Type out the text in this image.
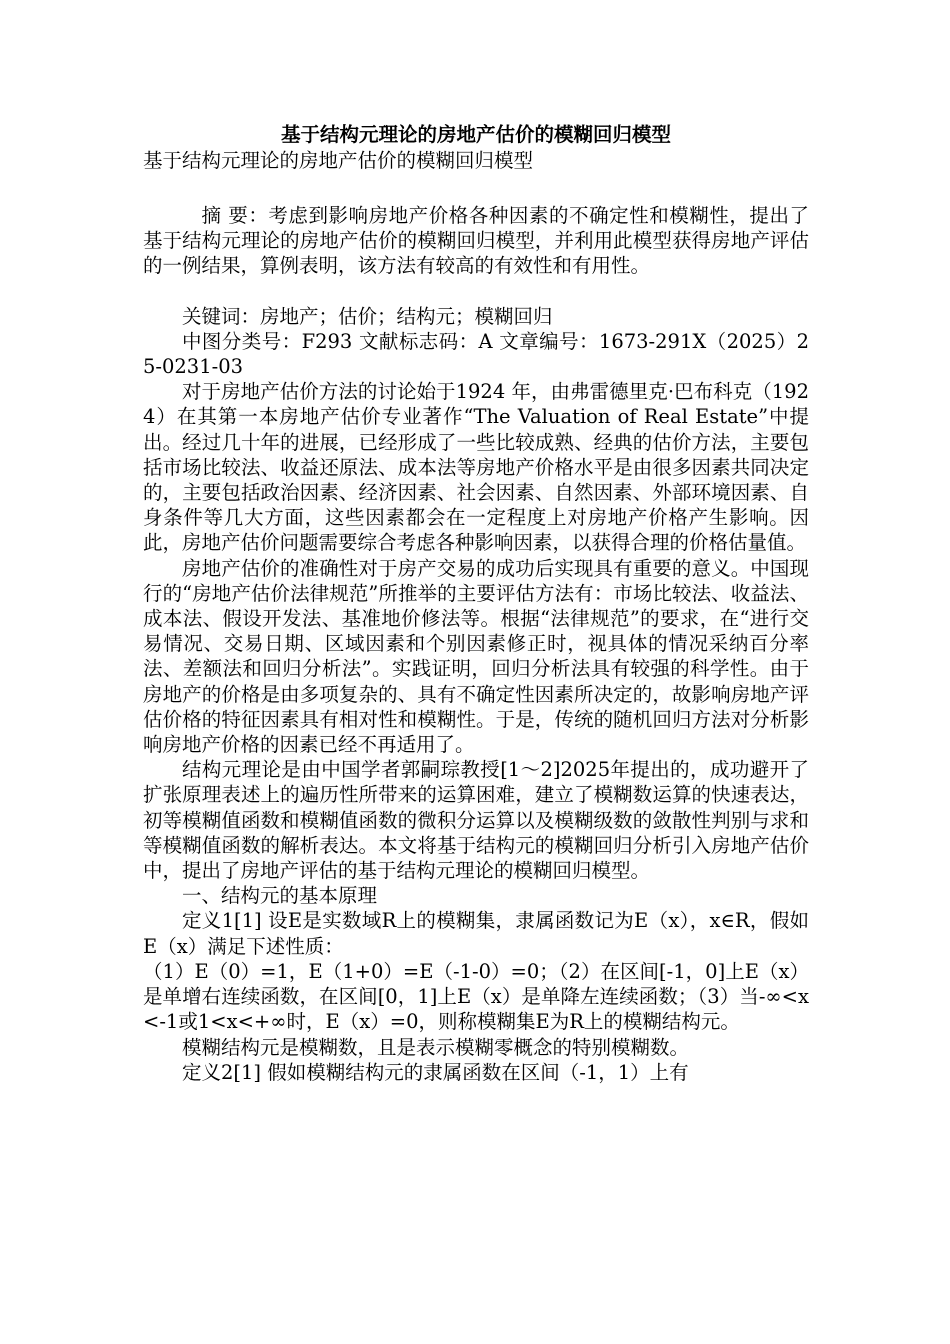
基于结构元理论的房地产估价的模糊回归模型

基于结构元理论的房地产估价的模糊回归模型

摘 要：考虑到影响房地产价格各种因素的不确定性和模糊性，提出了基于结构元理论的房地产估价的模糊回归模型，并利用此模型获得房地产评估的一例结果，算例表明，该方法有较高的有效性和有用性。

关键词：房地产；估价；结构元；模糊回归

中图分类号：F293 文献标志码：A 文章编号：1673-291X（2025）25-0231-03

对于房地产估价方法的讨论始于1924 年，由弗雷德里克·巴布科克（1924）在其第一本房地产估价专业著作“The Valuation of Real Estate”中提出。经过几十年的进展，已经形成了一些比较成熟、经典的估价方法，主要包括市场比较法、收益还原法、成本法等房地产价格水平是由很多因素共同决定的，主要包括政治因素、经济因素、社会因素、自然因素、外部环境因素、自身条件等几大方面，这些因素都会在一定程度上对房地产价格产生影响。因此，房地产估价问题需要综合考虑各种影响因素，以获得合理的价格估量值。

房地产估价的准确性对于房产交易的成功后实现具有重要的意义。中国现行的“房地产估价法律规范”所推举的主要评估方法有：市场比较法、收益法、成本法、假设开发法、基准地价修法等。根据“法律规范”的要求，在“进行交易情况、交易日期、区域因素和个别因素修正时，视具体的情况采纳百分率法、差额法和回归分析法”。实践证明，回归分析法具有较强的科学性。由于房地产的价格是由多项复杂的、具有不确定性因素所决定的，故影响房地产评估价格的特征因素具有相对性和模糊性。于是，传统的随机回归方法对分析影响房地产价格的因素已经不再适用了。

结构元理论是由中国学者郭嗣琮教授[1～2]2025年提出的，成功避开了扩张原理表述上的遍历性所带来的运算困难，建立了模糊数运算的快速表达，初等模糊值函数和模糊值函数的微积分运算以及模糊级数的敛散性判别与求和等模糊值函数的解析表达。本文将基于结构元的模糊回归分析引入房地产估价中，提出了房地产评估的基于结构元理论的模糊回归模型。

一、结构元的基本原理

定义1[1] 设E是实数域R上的模糊集，隶属函数记为E（x），x∈R，假如E（x）满足下述性质：

（1）E（0）=1，E（1+0）=E（-1-0）=0；（2）在区间[-1，0]上E（x）是单增右连续函数，在区间[0，1]上E（x）是单降左连续函数；（3）当-∞<x<-1或1<x<+∞时，E（x）=0，则称模糊集E为R上的模糊结构元。

模糊结构元是模糊数，且是表示模糊零概念的特别模糊数。

定义2[1] 假如模糊结构元的隶属函数在区间（-1，1）上有
